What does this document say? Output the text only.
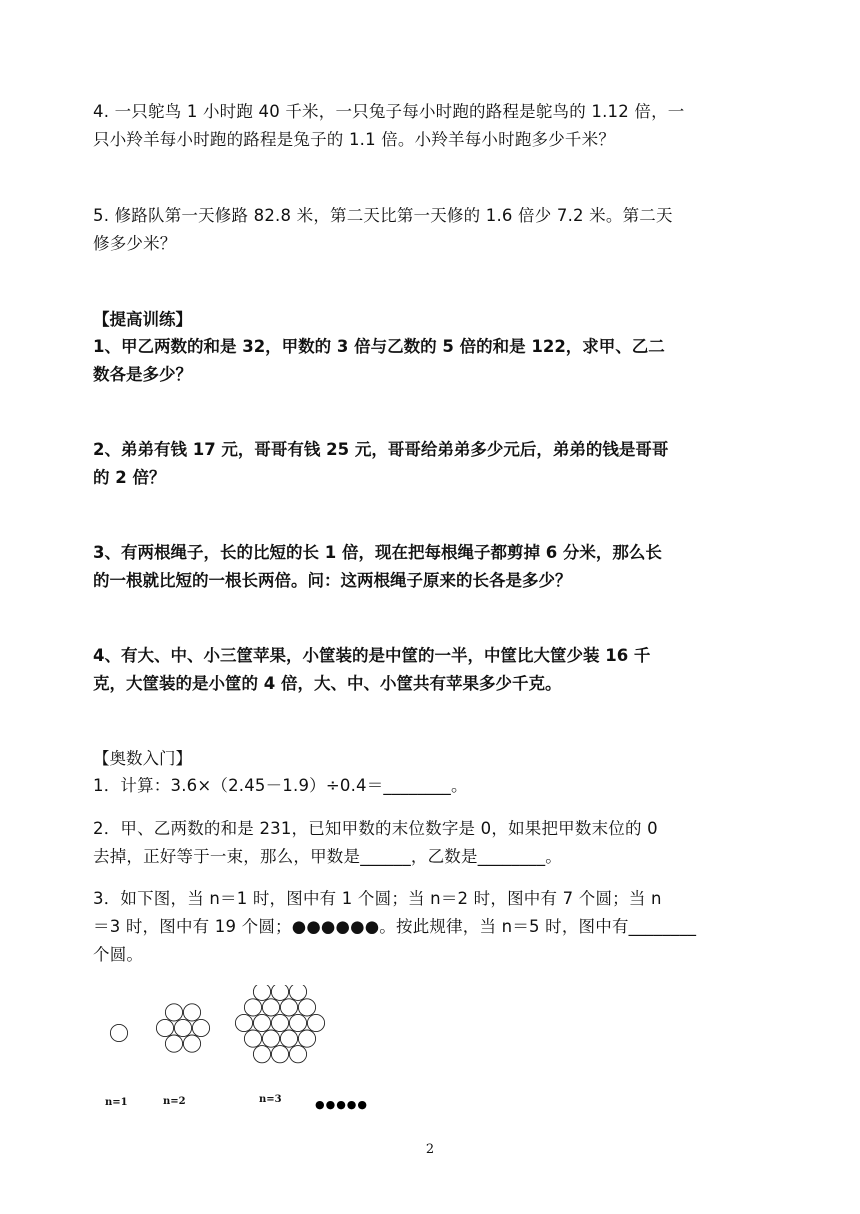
4. 一只鸵鸟 1 小时跑 40 千米，一只兔子每小时跑的路程是鸵鸟的 1.12 倍，一
只小羚羊每小时跑的路程是兔子的 1.1 倍。小羚羊每小时跑多少千米？
5. 修路队第一天修路 82.8 米，第二天比第一天修的 1.6 倍少 7.2 米。第二天
修多少米？
【提高训练】
1、甲乙两数的和是 32，甲数的 3 倍与乙数的 5 倍的和是 122，求甲、乙二
数各是多少？
2、弟弟有钱 17 元，哥哥有钱 25 元，哥哥给弟弟多少元后，弟弟的钱是哥哥
的 2 倍？
3、有两根绳子，长的比短的长 1 倍，现在把每根绳子都剪掉 6 分米，那么长
的一根就比短的一根长两倍。问：这两根绳子原来的长各是多少？
4、有大、中、小三筐苹果，小筐装的是中筐的一半，中筐比大筐少装 16 千
克，大筐装的是小筐的 4 倍，大、中、小筐共有苹果多少千克。
【奥数入门】
1．计算：3.6×（2.45－1.9）÷0.4＝________。
2．甲、乙两数的和是 231，已知甲数的末位数字是 0，如果把甲数末位的 0
去掉，正好等于一束，那么，甲数是______，乙数是________。
3．如下图，当 n＝1 时，图中有 1 个圆；当 n＝2 时，图中有 7 个圆；当 n
＝3 时，图中有 19 个圆；●●●●●●。按此规律，当 n＝5 时，图中有________
个圆。
n=1	n=2	n=3	●●●●●
2
